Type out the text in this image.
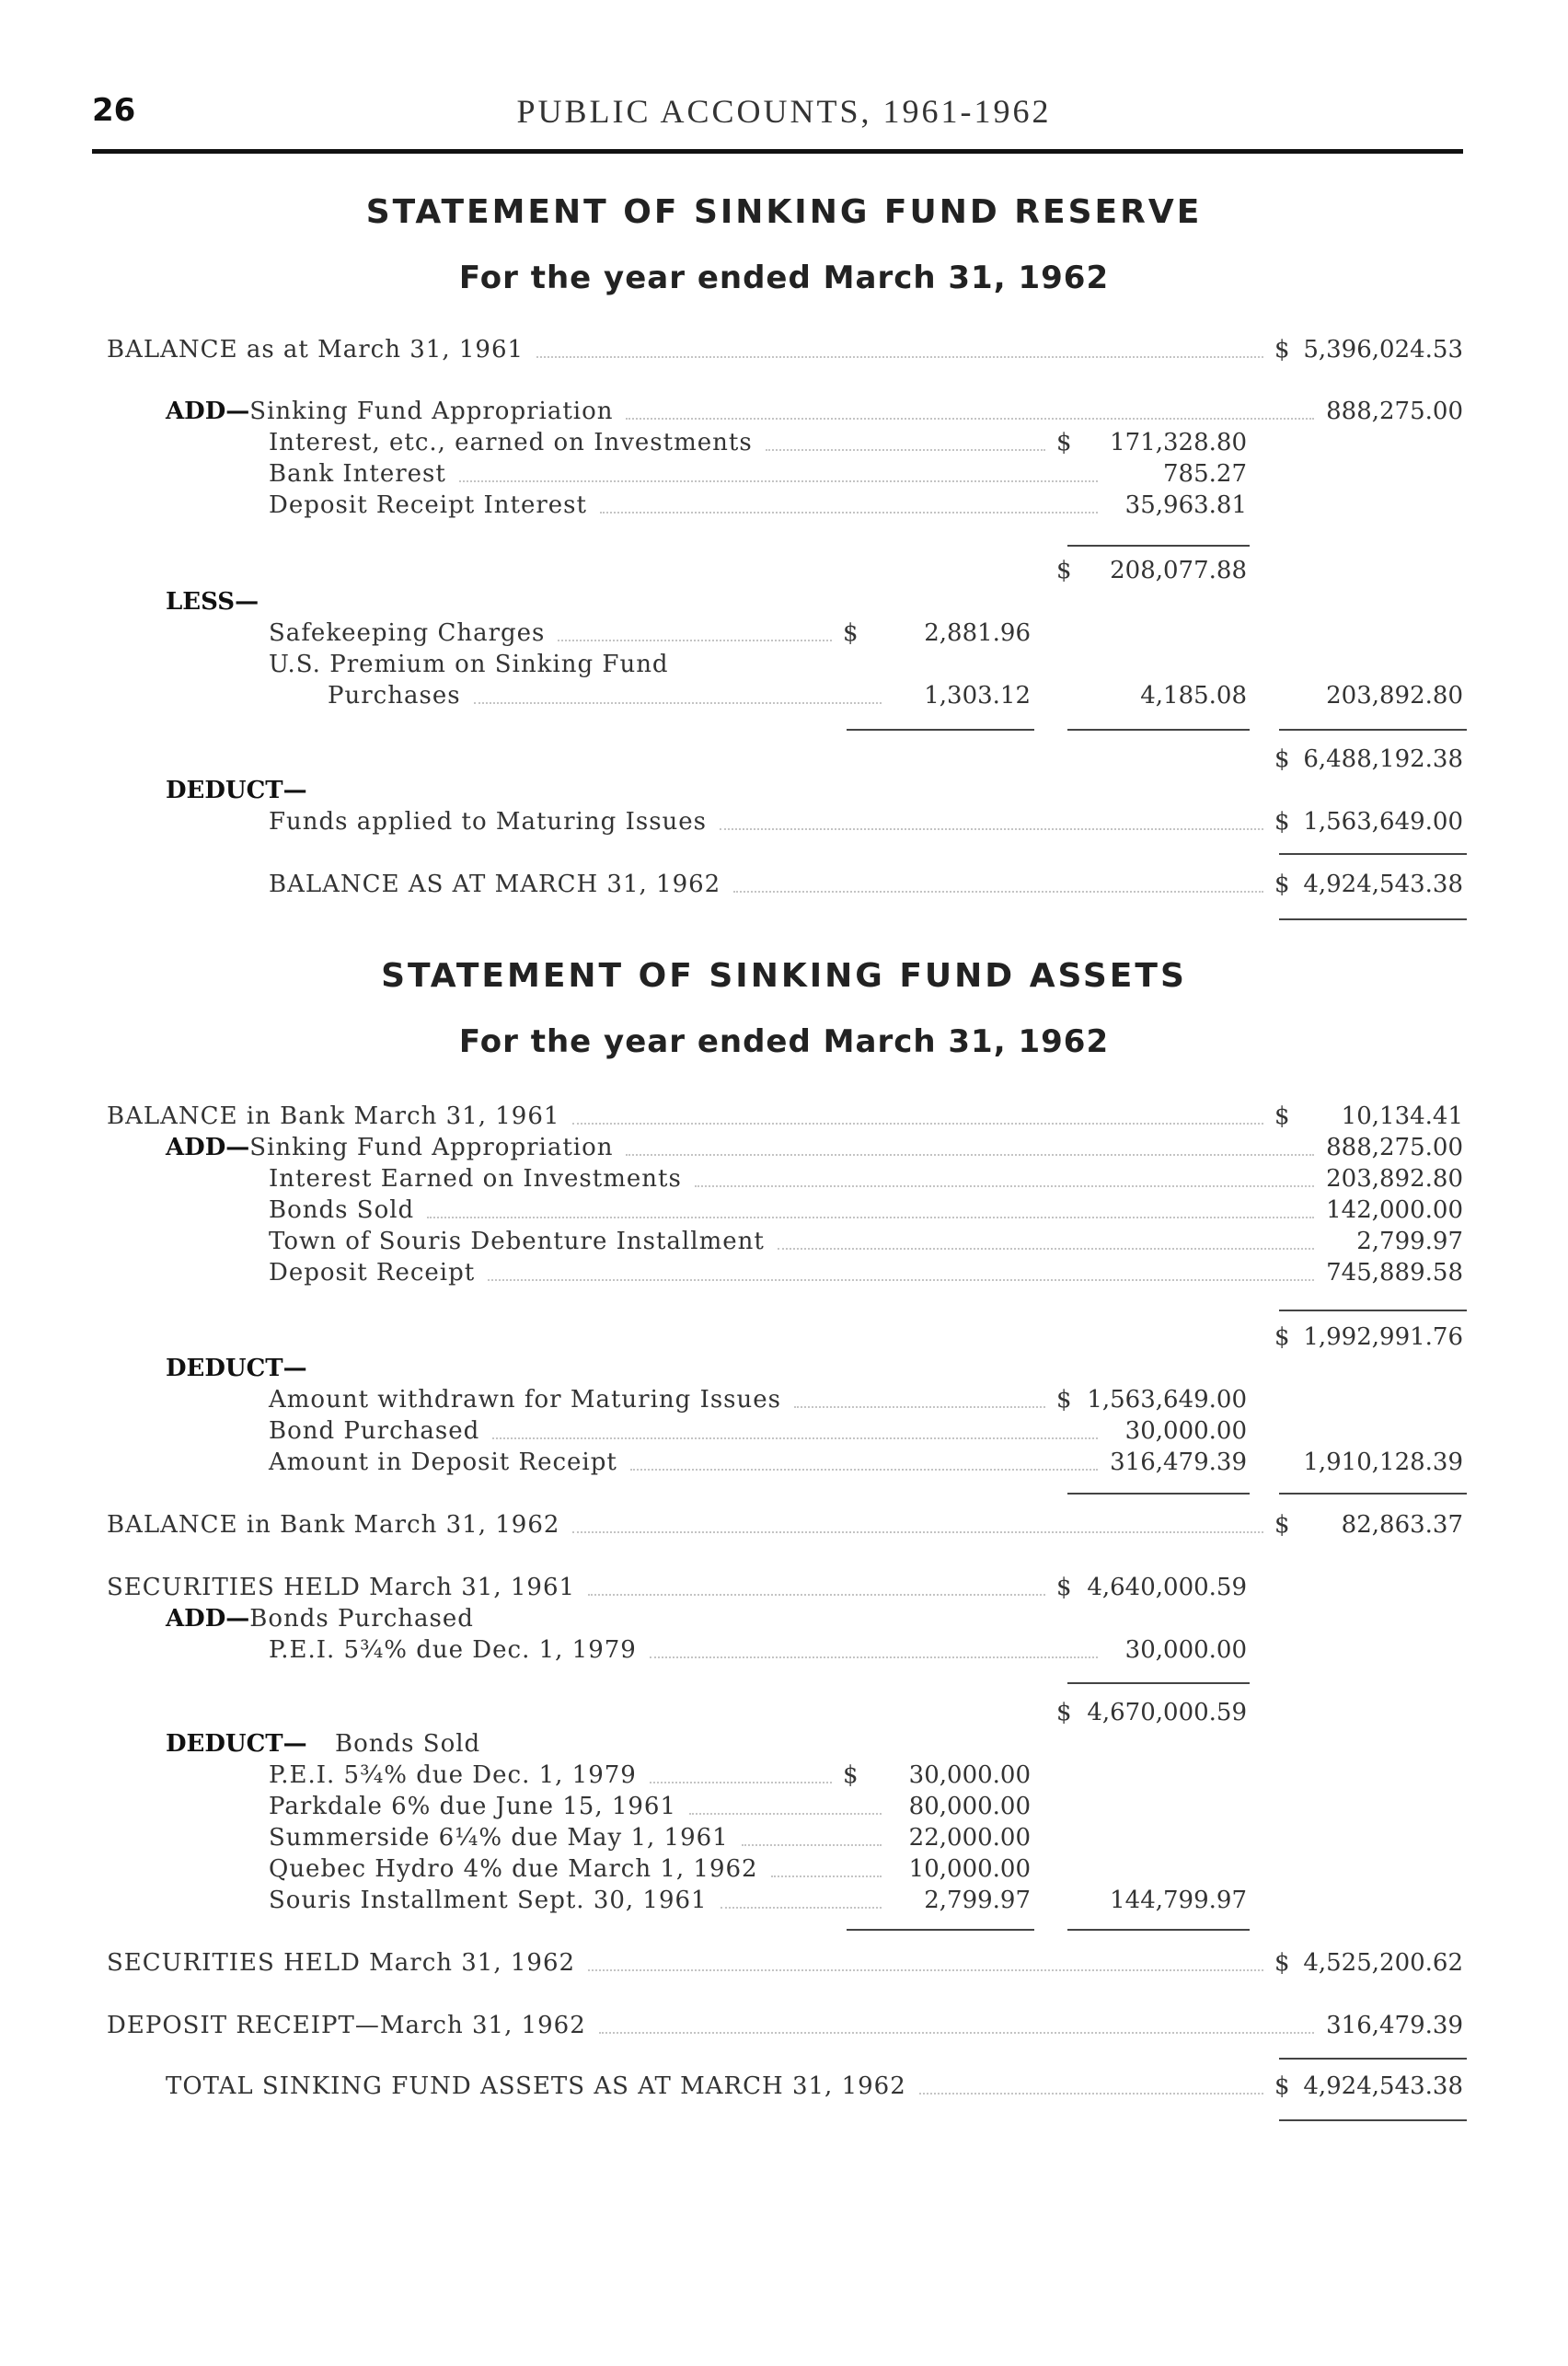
26	PUBLIC ACCOUNTS, 1961-1962
STATEMENT OF SINKING FUND RESERVE
For the year ended March 31, 1962
STATEMENT OF SINKING FUND ASSETS
For the year ended March 31, 1962
BALANCE as at March 31, 1961	$ 5,396,024.53
ADD— Sinking Fund Appropriation	888,275.00
Interest, etc., earned on Investments	$	171,328.80
Bank Interest	785.27
Deposit Receipt Interest	35,963.81
$	208,077.88
LESS—
Safekeeping Charges	$	2,881.96
U.S. Premium on Sinking Fund
Purchases	1,303.12	4,185.08	203,892.80
$ 6,488,192.38
DEDUCT—
Funds applied to Maturing Issues	$ 1,563,649.00
BALANCE AS AT MARCH 31, 1962	$ 4,924,543.38
BALANCE in Bank March 31, 1961	$	10,134.41
ADD— Sinking Fund Appropriation	888,275.00
Interest Earned on Investments	203,892.80
Bonds Sold	142,000.00
Town of Souris Debenture Installment	2,799.97
Deposit Receipt	745,889.58
$ 1,992,991.76
DEDUCT—
Amount withdrawn for Maturing Issues	$ 1,563,649.00
Bond Purchased	30,000.00
Amount in Deposit Receipt	316,479.39	1,910,128.39
BALANCE in Bank March 31, 1962	$	82,863.37
SECURITIES HELD March 31, 1961	$ 4,640,000.59
ADD— Bonds Purchased
P.E.I. 5¾% due Dec. 1, 1979	30,000.00
$ 4,670,000.59
DEDUCT— Bonds Sold
P.E.I. 5¾% due Dec. 1, 1979	$	30,000.00
Parkdale 6% due June 15, 1961	80,000.00
Summerside 6¼% due May 1, 1961	22,000.00
Quebec Hydro 4% due March 1, 1962	10,000.00
Souris Installment Sept. 30, 1961	2,799.97	144,799.97
SECURITIES HELD March 31, 1962	$ 4,525,200.62
DEPOSIT RECEIPT—March 31, 1962	316,479.39
TOTAL SINKING FUND ASSETS AS AT MARCH 31, 1962	$ 4,924,543.38
